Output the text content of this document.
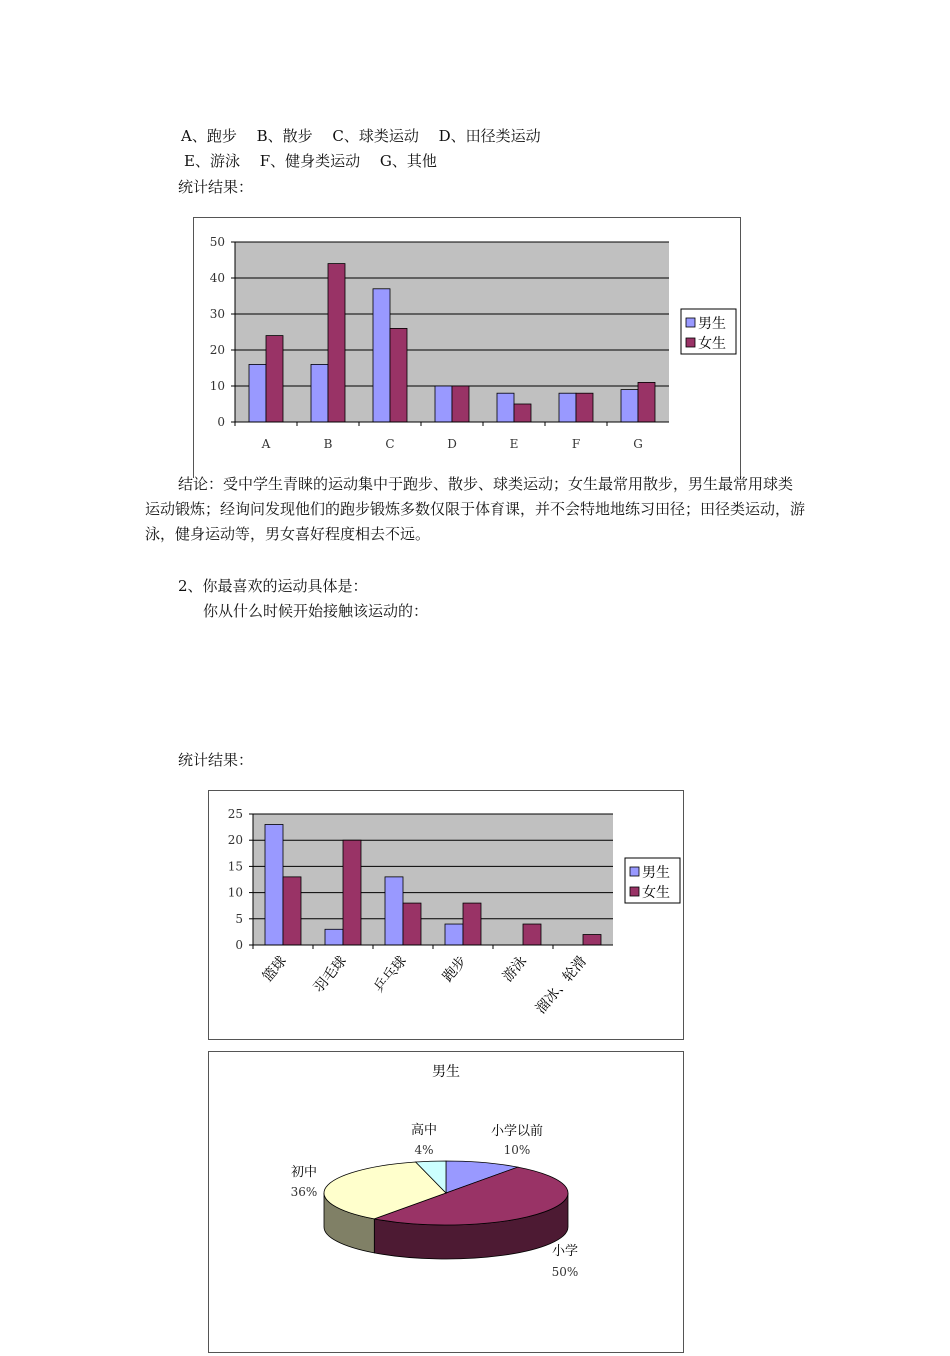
A、跑步　 B、散步　 C、球类运动　 D、田径类运动
E、游泳　 F、健身类运动　 G、其他
统计结果：
0
10
20
30
40
50
A	B	C	D	E	F	G
男生
女生
结论：受中学生青睐的运动集中于跑步、散步、球类运动；女生最常用散步，男生最常用球类运动锻炼；经询问发现他们的跑步锻炼多数仅限于体育课，并不会特地地练习田径；田径类运动，游泳，健身运动等，男女喜好程度相去不远。
2、你最喜欢的运动具体是：
你从什么时候开始接触该运动的：
统计结果：
0
5
10
15
20
25
篮球 羽毛球 乒乓球 跑步 游泳 溜冰、轮滑
男生
女生
男生
小学以前
10%
小学
50%
初中
36%
高中
4%
